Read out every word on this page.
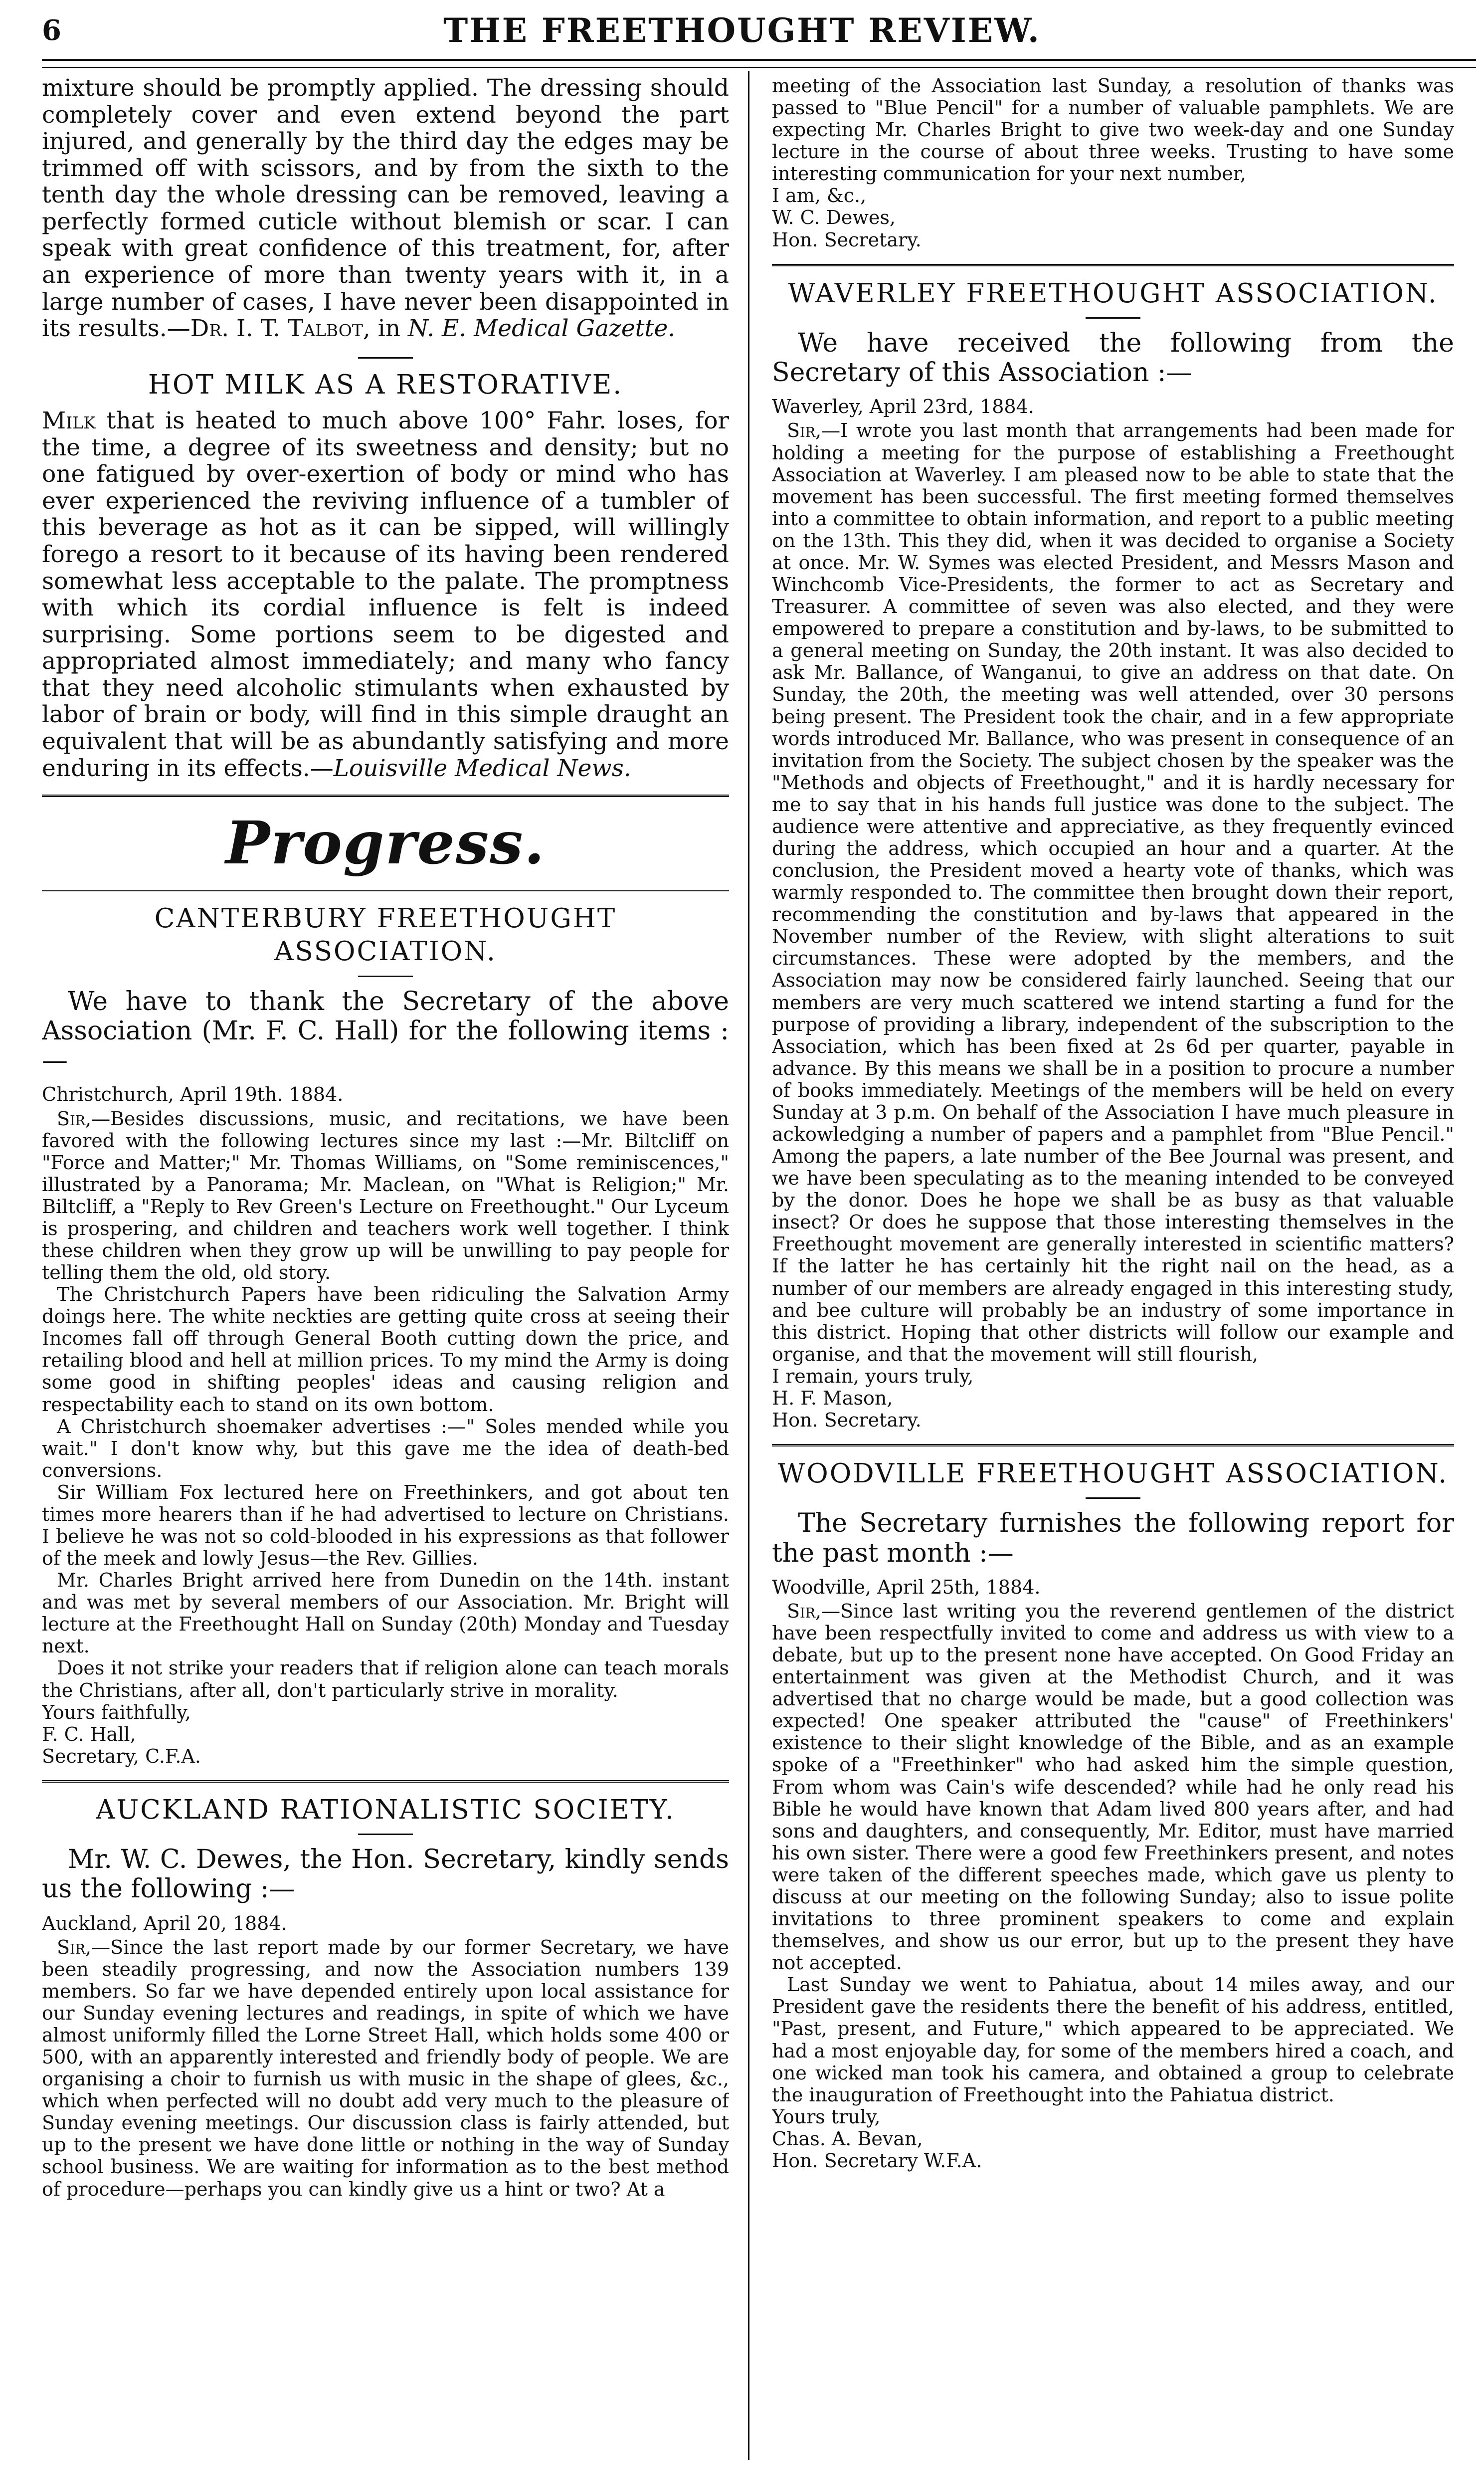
6	THE FREETHOUGHT REVIEW.

mixture should be promptly applied. The dressing should completely cover and even extend beyond the part injured, and generally by the third day the edges may be trimmed off with scissors, and by from the sixth to the tenth day the whole dressing can be removed, leaving a perfectly formed cuticle without blemish or scar. I can speak with great confidence of this treatment, for, after an experience of more than twenty years with it, in a large number of cases, I have never been disappointed in its results.—Dr. I. T. Talbot, in N. E. Medical Gazette.

HOT MILK AS A RESTORATIVE.

Milk that is heated to much above 100° Fahr. loses, for the time, a degree of its sweetness and density; but no one fatigued by over-exertion of body or mind who has ever experienced the reviving influence of a tumbler of this beverage as hot as it can be sipped, will willingly forego a resort to it because of its having been rendered somewhat less acceptable to the palate. The promptness with which its cordial influence is felt is indeed surprising. Some portions seem to be digested and appropriated almost immediately; and many who fancy that they need alcoholic stimulants when exhausted by labor of brain or body, will find in this simple draught an equivalent that will be as abundantly satisfying and more enduring in its effects.—Louisville Medical News.

Progress.
CANTERBURY FREETHOUGHT ASSOCIATION.

We have to thank the Secretary of the above Association (Mr. F. C. Hall) for the following items :—

Christchurch, April 19th. 1884.

Sir,—Besides discussions, music, and recitations, we have been favored with the following lectures since my last :—Mr. Biltcliff on "Force and Matter;" Mr. Thomas Williams, on "Some reminiscences," illustrated by a Panorama; Mr. Maclean, on "What is Religion;" Mr. Biltcliff, a "Reply to Rev Green's Lecture on Freethought." Our Lyceum is prospering, and children and teachers work well together. I think these children when they grow up will be unwilling to pay people for telling them the old, old story.

The Christchurch Papers have been ridiculing the Salvation Army doings here. The white neckties are getting quite cross at seeing their Incomes fall off through General Booth cutting down the price, and retailing blood and hell at million prices. To my mind the Army is doing some good in shifting peoples' ideas and causing religion and respectability each to stand on its own bottom.

A Christchurch shoemaker advertises :—" Soles mended while you wait." I don't know why, but this gave me the idea of death-bed conversions.

Sir William Fox lectured here on Freethinkers, and got about ten times more hearers than if he had advertised to lecture on Christians. I believe he was not so cold-blooded in his expressions as that follower of the meek and lowly Jesus—the Rev. Gillies.

Mr. Charles Bright arrived here from Dunedin on the 14th. instant and was met by several members of our Association. Mr. Bright will lecture at the Freethought Hall on Sunday (20th) Monday and Tuesday next.

Does it not strike your readers that if religion alone can teach morals the Christians, after all, don't particularly strive in morality.

Yours faithfully,

F. C. Hall,

Secretary, C.F.A.

AUCKLAND RATIONALISTIC SOCIETY.

Mr. W. C. Dewes, the Hon. Secretary, kindly sends us the following :—

Auckland, April 20, 1884.

Sir,—Since the last report made by our former Secretary, we have been steadily progressing, and now the Association numbers 139 members. So far we have depended entirely upon local assistance for our Sunday evening lectures and readings, in spite of which we have almost uniformly filled the Lorne Street Hall, which holds some 400 or 500, with an apparently interested and friendly body of people. We are organising a choir to furnish us with music in the shape of glees, &c., which when perfected will no doubt add very much to the pleasure of Sunday evening meetings. Our discussion class is fairly attended, but up to the present we have done little or nothing in the way of Sunday school business. We are waiting for information as to the best method of procedure—perhaps you can kindly give us a hint or two? At a

meeting of the Association last Sunday, a resolution of thanks was passed to "Blue Pencil" for a number of valuable pamphlets. We are expecting Mr. Charles Bright to give two week-day and one Sunday lecture in the course of about three weeks. Trusting to have some interesting communication for your next number,

I am, &c.,

W. C. Dewes,

Hon. Secretary.

WAVERLEY FREETHOUGHT ASSOCIATION.

We have received the following from the Secretary of this Association :—

Waverley, April 23rd, 1884.

Sir,—I wrote you last month that arrangements had been made for holding a meeting for the purpose of establishing a Freethought Association at Waverley. I am pleased now to be able to state that the movement has been successful. The first meeting formed themselves into a committee to obtain information, and report to a public meeting on the 13th. This they did, when it was decided to organise a Society at once. Mr. W. Symes was elected President, and Messrs Mason and Winchcomb Vice-Presidents, the former to act as Secretary and Treasurer. A committee of seven was also elected, and they were empowered to prepare a constitution and by-laws, to be submitted to a general meeting on Sunday, the 20th instant. It was also decided to ask Mr. Ballance, of Wanganui, to give an address on that date. On Sunday, the 20th, the meeting was well attended, over 30 persons being present. The President took the chair, and in a few appropriate words introduced Mr. Ballance, who was present in consequence of an invitation from the Society. The subject chosen by the speaker was the "Methods and objects of Freethought," and it is hardly necessary for me to say that in his hands full justice was done to the subject. The audience were attentive and appreciative, as they frequently evinced during the address, which occupied an hour and a quarter. At the conclusion, the President moved a hearty vote of thanks, which was warmly responded to. The committee then brought down their report, recommending the constitution and by-laws that appeared in the November number of the Review, with slight alterations to suit circumstances. These were adopted by the members, and the Association may now be considered fairly launched. Seeing that our members are very much scattered we intend starting a fund for the purpose of providing a library, independent of the subscription to the Association, which has been fixed at 2s 6d per quarter, payable in advance. By this means we shall be in a position to procure a number of books immediately. Meetings of the members will be held on every Sunday at 3 p.m. On behalf of the Association I have much pleasure in ackowledging a number of papers and a pamphlet from "Blue Pencil." Among the papers, a late number of the Bee Journal was present, and we have been speculating as to the meaning intended to be conveyed by the donor. Does he hope we shall be as busy as that valuable insect? Or does he suppose that those interesting themselves in the Freethought movement are generally interested in scientific matters? If the latter he has certainly hit the right nail on the head, as a number of our members are already engaged in this interesting study, and bee culture will probably be an industry of some importance in this district. Hoping that other districts will follow our example and organise, and that the movement will still flourish,

I remain, yours truly,

H. F. Mason,

Hon. Secretary.

WOODVILLE FREETHOUGHT ASSOCIATION.

The Secretary furnishes the following report for the past month :—

Woodville, April 25th, 1884.

Sir,—Since last writing you the reverend gentlemen of the district have been respectfully invited to come and address us with view to a debate, but up to the present none have accepted. On Good Friday an entertainment was given at the Methodist Church, and it was advertised that no charge would be made, but a good collection was expected! One speaker attributed the "cause" of Freethinkers' existence to their slight knowledge of the Bible, and as an example spoke of a "Freethinker" who had asked him the simple question, From whom was Cain's wife descended? while had he only read his Bible he would have known that Adam lived 800 years after, and had sons and daughters, and consequently, Mr. Editor, must have married his own sister. There were a good few Freethinkers present, and notes were taken of the different speeches made, which gave us plenty to discuss at our meeting on the following Sunday; also to issue polite invitations to three prominent speakers to come and explain themselves, and show us our error, but up to the present they have not accepted.

Last Sunday we went to Pahiatua, about 14 miles away, and our President gave the residents there the benefit of his address, entitled, "Past, present, and Future," which appeared to be appreciated. We had a most enjoyable day, for some of the members hired a coach, and one wicked man took his camera, and obtained a group to celebrate the inauguration of Freethought into the Pahiatua district.

Yours truly,

Chas. A. Bevan,

Hon. Secretary W.F.A.
